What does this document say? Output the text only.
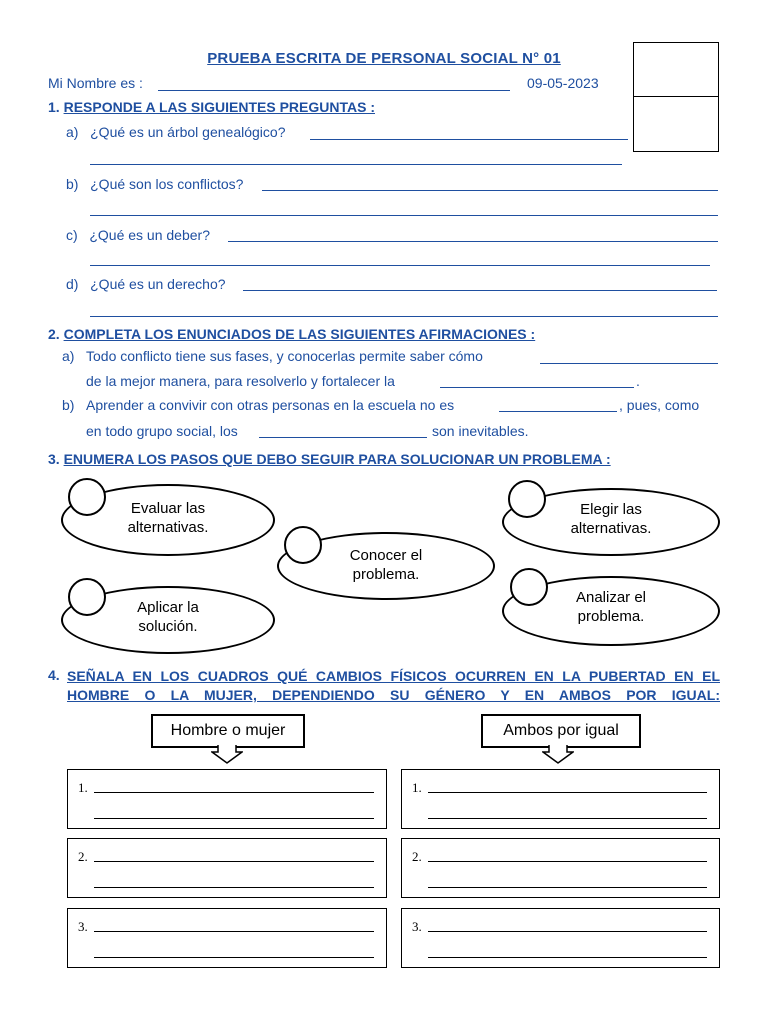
PRUEBA ESCRITA DE PERSONAL SOCIAL N° 01
Mi Nombre es :	09-05-2023
1. RESPONDE A LAS SIGUIENTES PREGUNTAS :
a) ¿Qué es un árbol genealógico?
b) ¿Qué son los conflictos?
c) ¿Qué es un deber?
d) ¿Qué es un derecho?
2. COMPLETA LOS ENUNCIADOS DE LAS SIGUIENTES AFIRMACIONES :
a) Todo conflicto tiene sus fases, y conocerlas permite saber cómo
de la mejor manera, para resolverlo y fortalecer la	.
b) Aprender a convivir con otras personas en la escuela no es	, pues, como
en todo grupo social, los	son inevitables.
3. ENUMERA LOS PASOS QUE DEBO SEGUIR PARA SOLUCIONAR UN PROBLEMA :
Evaluar las
alternativas.
Elegir las
alternativas.
Conocer el
problema.
Aplicar la
solución.
Analizar el
problema.
4. SEÑALA EN LOS CUADROS QUÉ CAMBIOS FÍSICOS OCURREN EN LA PUBERTAD EN EL
HOMBRE O LA MUJER, DEPENDIENDO SU GÉNERO Y EN AMBOS POR IGUAL:
Hombre o mujer	Ambos por igual
1.
2.
3.
1.
2.
3.
